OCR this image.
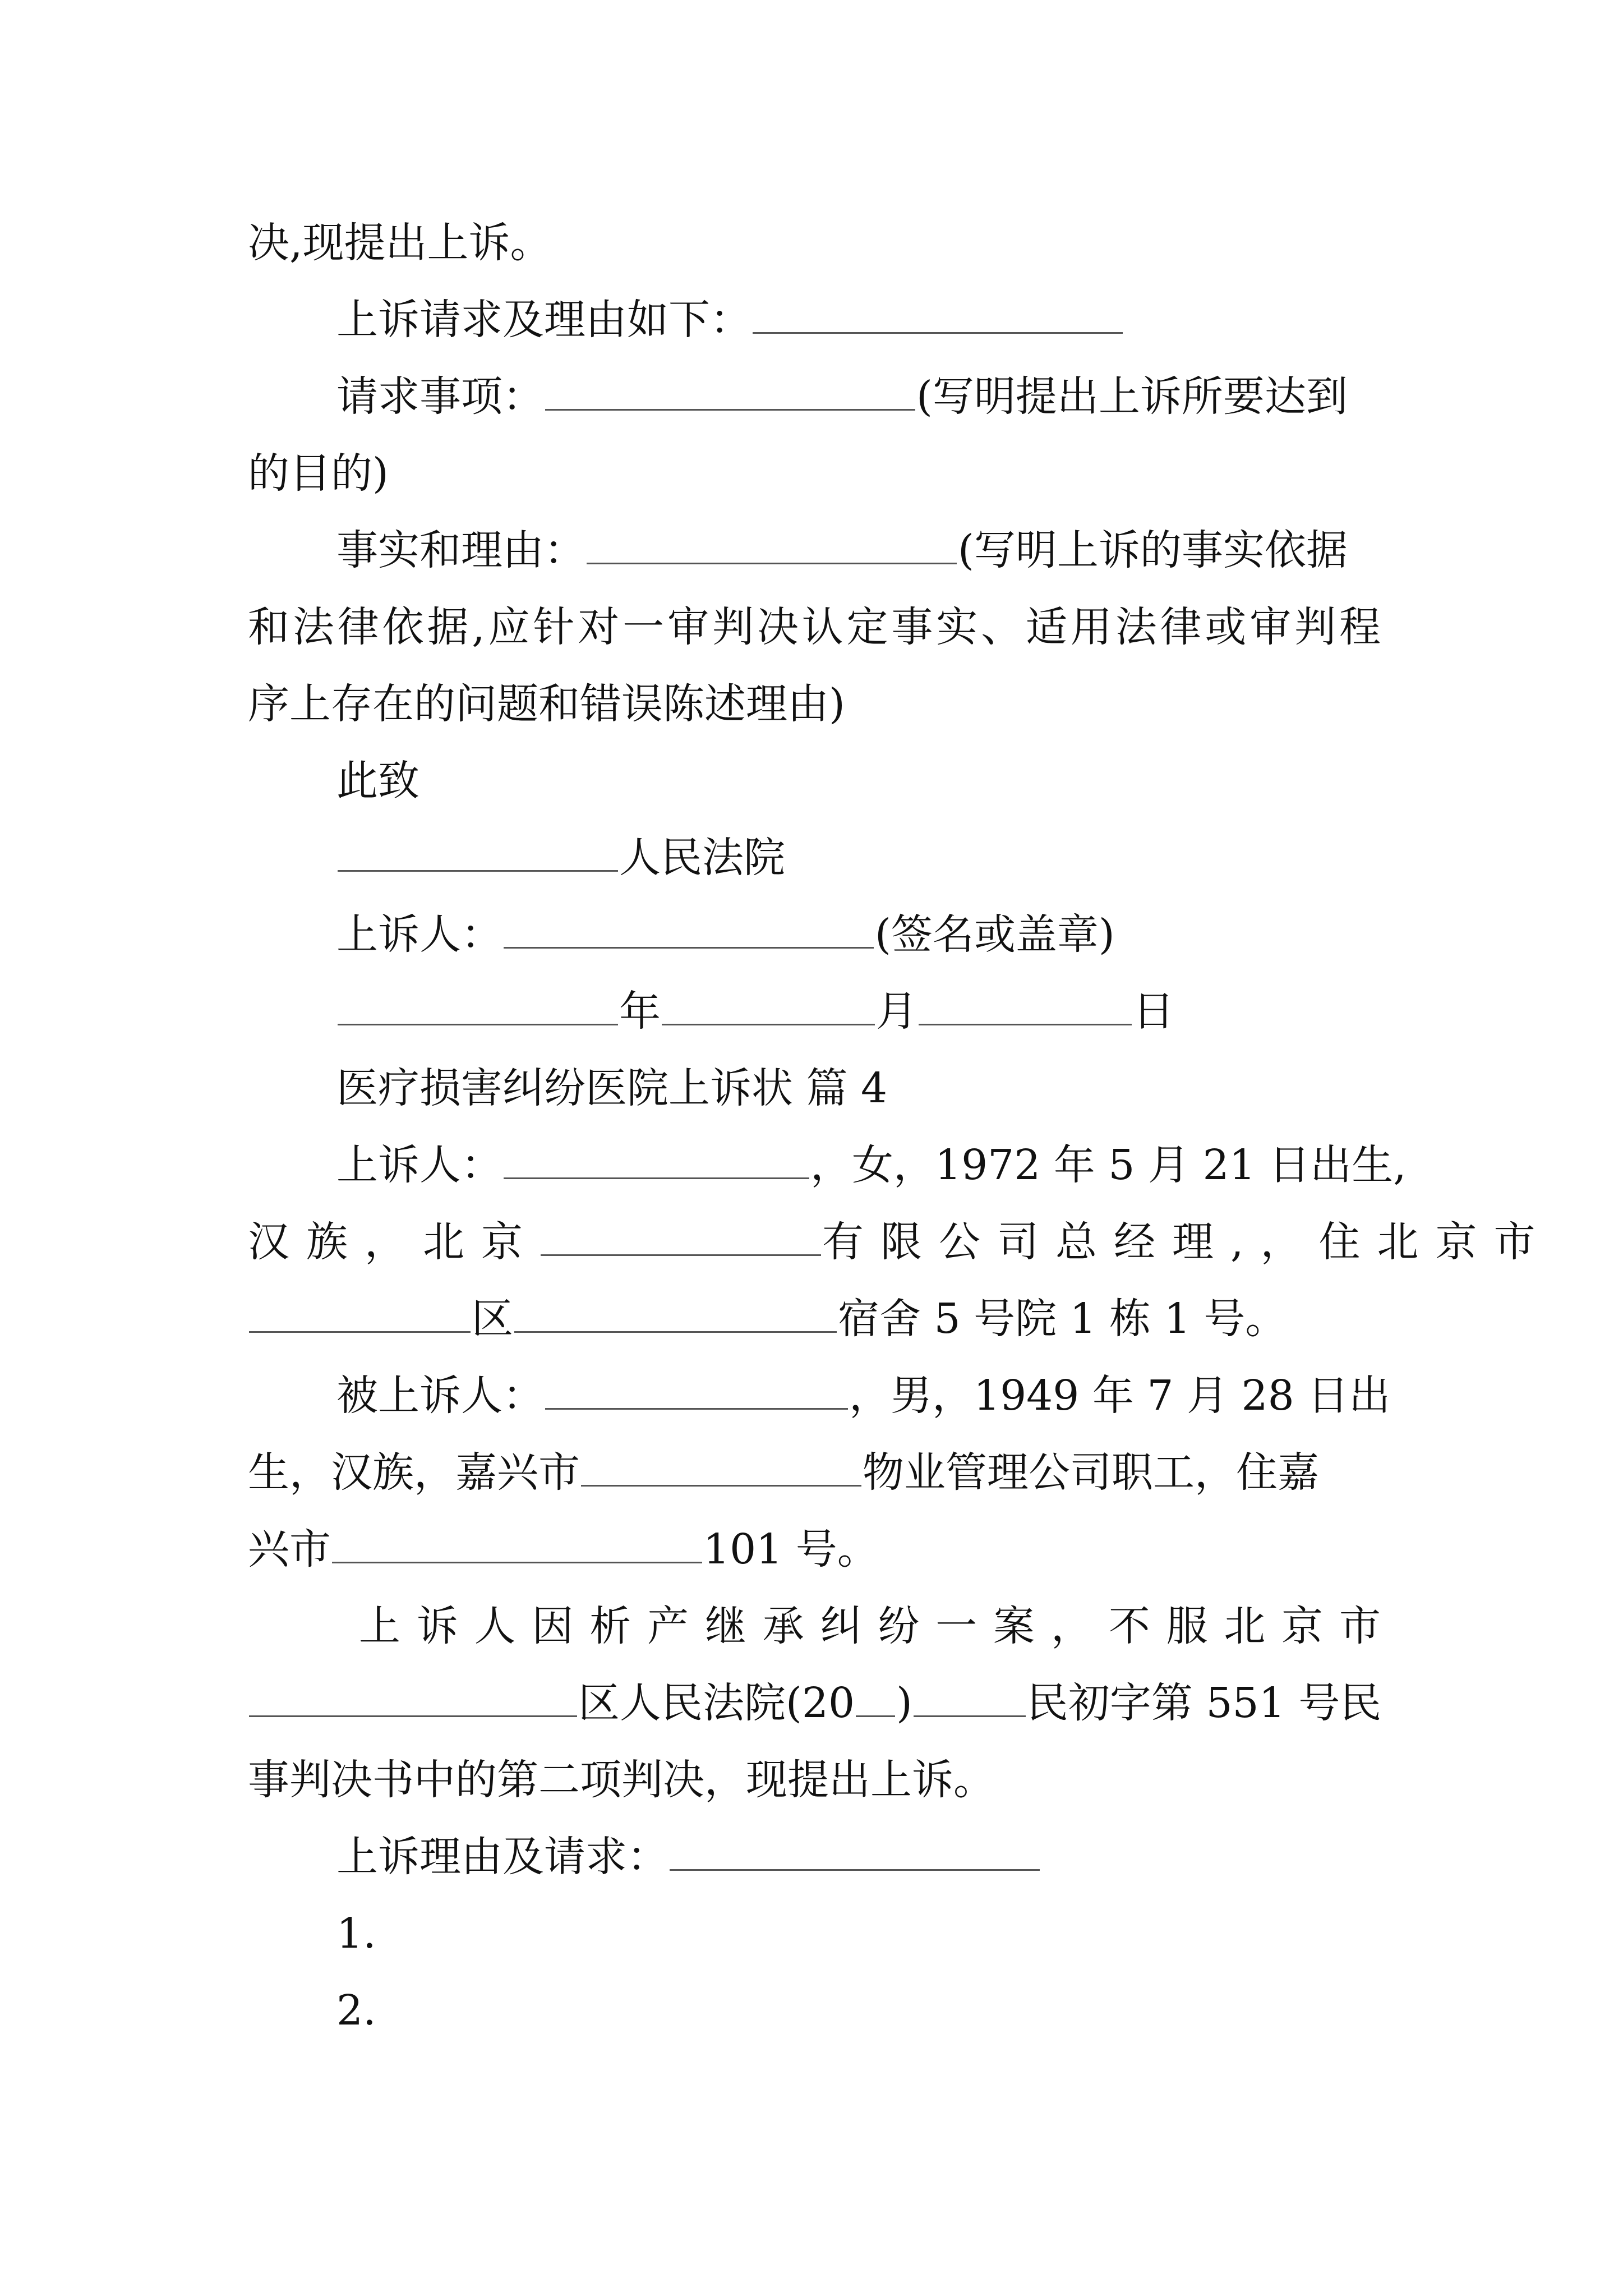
决,现提出上诉。
上诉请求及理由如下：
请求事项：	(写明提出上诉所要达到
的目的)
事实和理由：	(写明上诉的事实依据
和法律依据,应针对一审判决认定事实、适用法律或审判程
序上存在的问题和错误陈述理由)
此致
人民法院
上诉人：	(签名或盖章)
年	月	日
医疗损害纠纷医院上诉状 篇 4
上诉人：	，女，1972 年 5 月 21 日出生,
汉族，北京	有限公司总经理,，住北京市
区	宿舍 5 号院 1 栋 1 号。
被上诉人：	，男，1949 年 7 月 28 日出
生，汉族，嘉兴市	物业管理公司职工，住嘉
兴市	101 号。
上诉人因析产继承纠纷一案，不服北京市
区人民法院(20 )	民初字第 551 号民
事判决书中的第二项判决，现提出上诉。
上诉理由及请求：
1.
2.
